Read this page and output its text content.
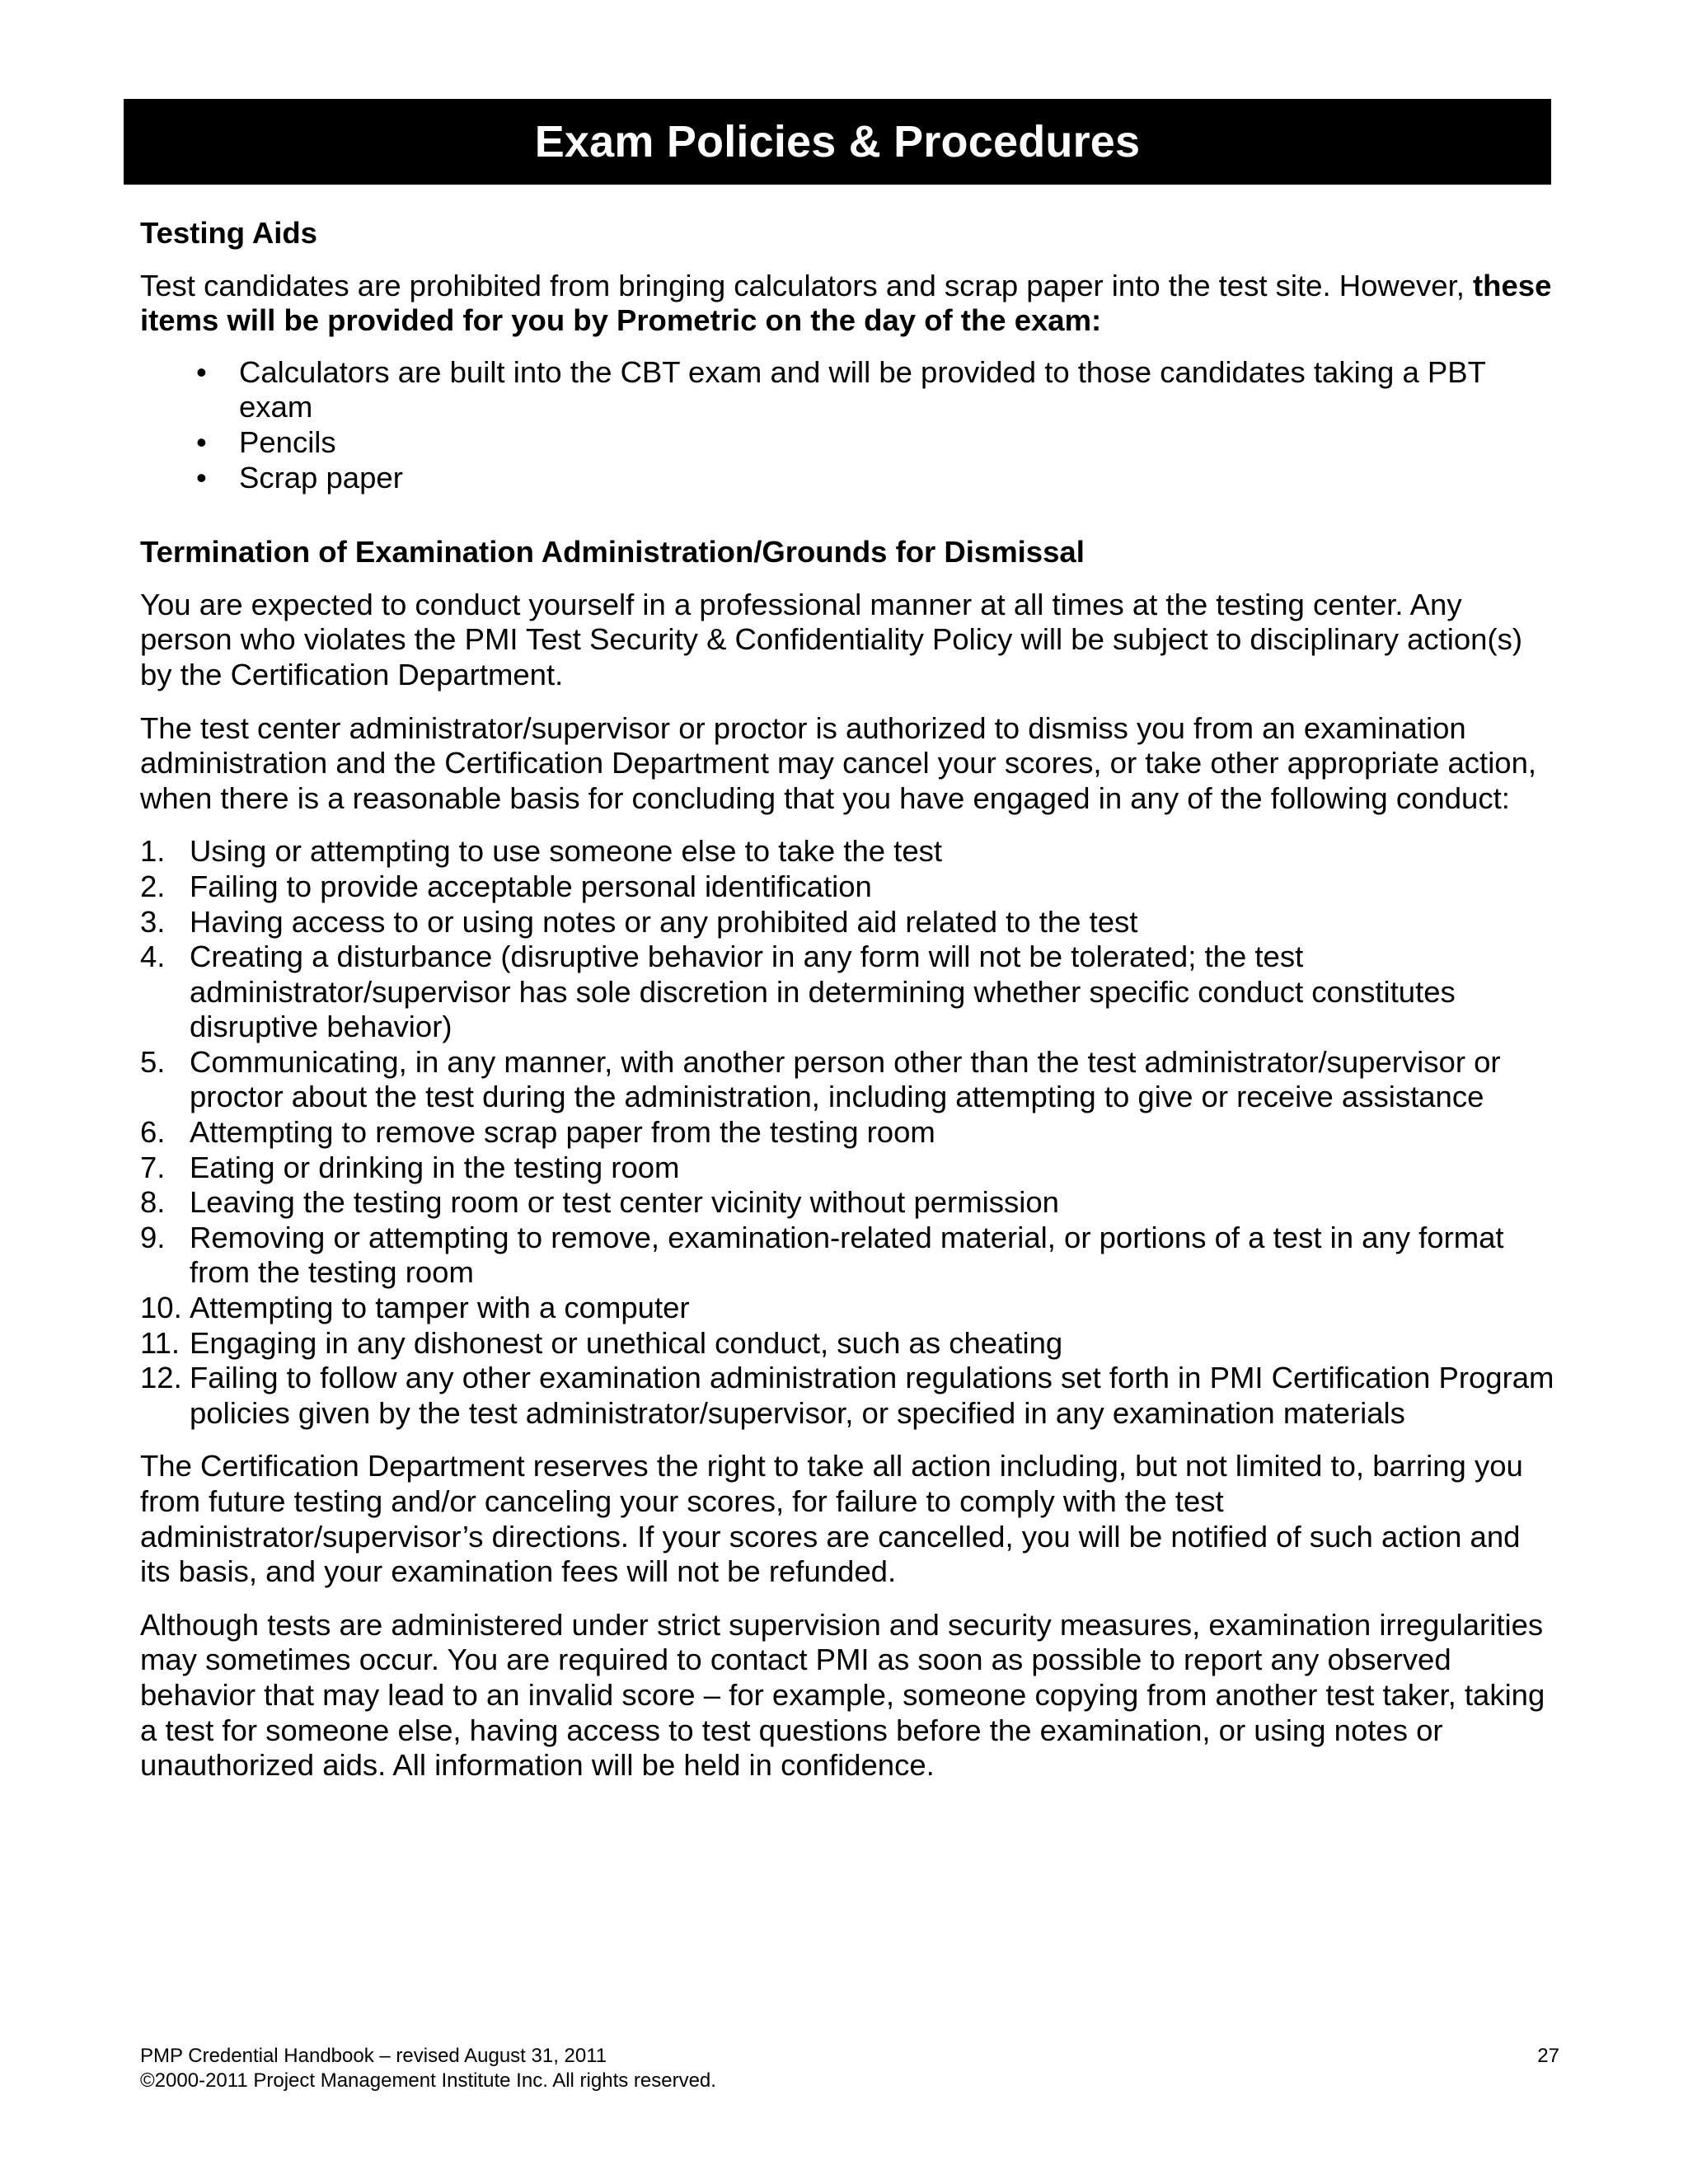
Exam Policies & Procedures

Testing Aids

Test candidates are prohibited from bringing calculators and scrap paper into the test site. However, these items will be provided for you by Prometric on the day of the exam:

• Calculators are built into the CBT exam and will be provided to those candidates taking a PBT exam
• Pencils
• Scrap paper

Termination of Examination Administration/Grounds for Dismissal

You are expected to conduct yourself in a professional manner at all times at the testing center. Any person who violates the PMI Test Security & Confidentiality Policy will be subject to disciplinary action(s) by the Certification Department.

The test center administrator/supervisor or proctor is authorized to dismiss you from an examination administration and the Certification Department may cancel your scores, or take other appropriate action, when there is a reasonable basis for concluding that you have engaged in any of the following conduct:

1. Using or attempting to use someone else to take the test
2. Failing to provide acceptable personal identification
3. Having access to or using notes or any prohibited aid related to the test
4. Creating a disturbance (disruptive behavior in any form will not be tolerated; the test administrator/supervisor has sole discretion in determining whether specific conduct constitutes disruptive behavior)
5. Communicating, in any manner, with another person other than the test administrator/supervisor or proctor about the test during the administration, including attempting to give or receive assistance
6. Attempting to remove scrap paper from the testing room
7. Eating or drinking in the testing room
8. Leaving the testing room or test center vicinity without permission
9. Removing or attempting to remove, examination-related material, or portions of a test in any format from the testing room
10. Attempting to tamper with a computer
11. Engaging in any dishonest or unethical conduct, such as cheating
12. Failing to follow any other examination administration regulations set forth in PMI Certification Program policies given by the test administrator/supervisor, or specified in any examination materials

The Certification Department reserves the right to take all action including, but not limited to, barring you from future testing and/or canceling your scores, for failure to comply with the test administrator/supervisor’s directions. If your scores are cancelled, you will be notified of such action and its basis, and your examination fees will not be refunded.

Although tests are administered under strict supervision and security measures, examination irregularities may sometimes occur. You are required to contact PMI as soon as possible to report any observed behavior that may lead to an invalid score – for example, someone copying from another test taker, taking a test for someone else, having access to test questions before the examination, or using notes or unauthorized aids. All information will be held in confidence.

PMP Credential Handbook – revised August 31, 2011	27
©2000-2011 Project Management Institute Inc. All rights reserved.
